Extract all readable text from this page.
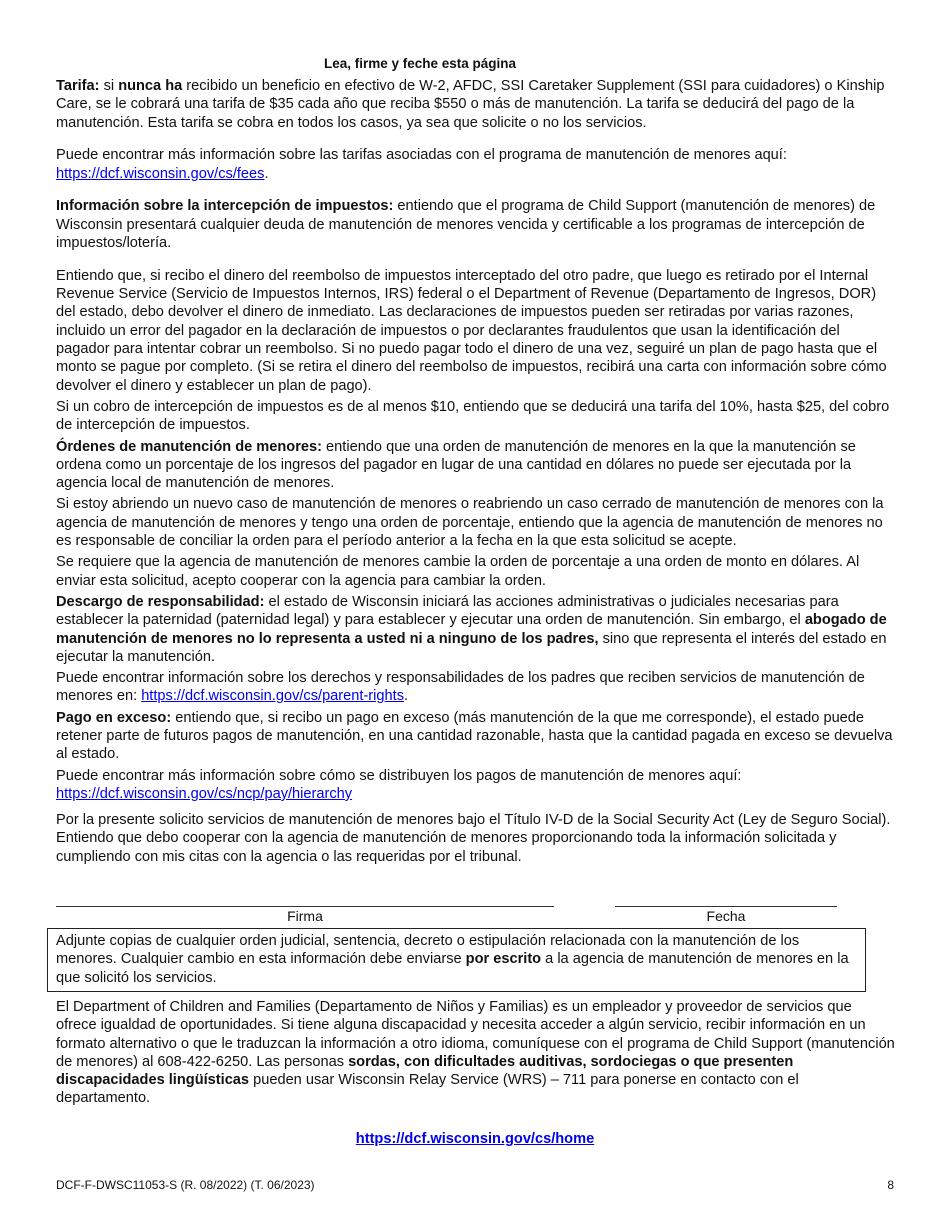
Lea, firme y feche esta página

Tarifa: si nunca ha recibido un beneficio en efectivo de W-2, AFDC, SSI Caretaker Supplement (SSI para cuidadores) o Kinship Care, se le cobrará una tarifa de $35 cada año que reciba $550 o más de manutención. La tarifa se deducirá del pago de la manutención. Esta tarifa se cobra en todos los casos, ya sea que solicite o no los servicios.

Puede encontrar más información sobre las tarifas asociadas con el programa de manutención de menores aquí: https://dcf.wisconsin.gov/cs/fees.

Información sobre la intercepción de impuestos: entiendo que el programa de Child Support (manutención de menores) de Wisconsin presentará cualquier deuda de manutención de menores vencida y certificable a los programas de intercepción de impuestos/lotería.

Entiendo que, si recibo el dinero del reembolso de impuestos interceptado del otro padre, que luego es retirado por el Internal Revenue Service (Servicio de Impuestos Internos, IRS) federal o el Department of Revenue (Departamento de Ingresos, DOR) del estado, debo devolver el dinero de inmediato. Las declaraciones de impuestos pueden ser retiradas por varias razones, incluido un error del pagador en la declaración de impuestos o por declarantes fraudulentos que usan la identificación del pagador para intentar cobrar un reembolso. Si no puedo pagar todo el dinero de una vez, seguiré un plan de pago hasta que el monto se pague por completo. (Si se retira el dinero del reembolso de impuestos, recibirá una carta con información sobre cómo devolver el dinero y establecer un plan de pago).

Si un cobro de intercepción de impuestos es de al menos $10, entiendo que se deducirá una tarifa del 10%, hasta $25, del cobro de intercepción de impuestos.

Órdenes de manutención de menores: entiendo que una orden de manutención de menores en la que la manutención se ordena como un porcentaje de los ingresos del pagador en lugar de una cantidad en dólares no puede ser ejecutada por la agencia local de manutención de menores.

Si estoy abriendo un nuevo caso de manutención de menores o reabriendo un caso cerrado de manutención de menores con la agencia de manutención de menores y tengo una orden de porcentaje, entiendo que la agencia de manutención de menores no es responsable de conciliar la orden para el período anterior a la fecha en la que esta solicitud se acepte.

Se requiere que la agencia de manutención de menores cambie la orden de porcentaje a una orden de monto en dólares. Al enviar esta solicitud, acepto cooperar con la agencia para cambiar la orden.

Descargo de responsabilidad: el estado de Wisconsin iniciará las acciones administrativas o judiciales necesarias para establecer la paternidad (paternidad legal) y para establecer y ejecutar una orden de manutención. Sin embargo, el abogado de manutención de menores no lo representa a usted ni a ninguno de los padres, sino que representa el interés del estado en ejecutar la manutención.

Puede encontrar información sobre los derechos y responsabilidades de los padres que reciben servicios de manutención de menores en: https://dcf.wisconsin.gov/cs/parent-rights.

Pago en exceso: entiendo que, si recibo un pago en exceso (más manutención de la que me corresponde), el estado puede retener parte de futuros pagos de manutención, en una cantidad razonable, hasta que la cantidad pagada en exceso se devuelva al estado.

Puede encontrar más información sobre cómo se distribuyen los pagos de manutención de menores aquí: https://dcf.wisconsin.gov/cs/ncp/pay/hierarchy

Por la presente solicito servicios de manutención de menores bajo el Título IV-D de la Social Security Act (Ley de Seguro Social). Entiendo que debo cooperar con la agencia de manutención de menores proporcionando toda la información solicitada y cumpliendo con mis citas con la agencia o las requeridas por el tribunal.

Firma	Fecha
Adjunte copias de cualquier orden judicial, sentencia, decreto o estipulación relacionada con la manutención de los menores. Cualquier cambio en esta información debe enviarse por escrito a la agencia de manutención de menores en la que solicitó los servicios.
El Department of Children and Families (Departamento de Niños y Familias) es un empleador y proveedor de servicios que ofrece igualdad de oportunidades. Si tiene alguna discapacidad y necesita acceder a algún servicio, recibir información en un formato alternativo o que le traduzcan la información a otro idioma, comuníquese con el programa de Child Support (manutención de menores) al 608-422-6250. Las personas sordas, con dificultades auditivas, sordociegas o que presenten discapacidades lingüísticas pueden usar Wisconsin Relay Service (WRS) – 711 para ponerse en contacto con el departamento.
https://dcf.wisconsin.gov/cs/home
DCF-F-DWSC11053-S (R. 08/2022) (T. 06/2023)	8
